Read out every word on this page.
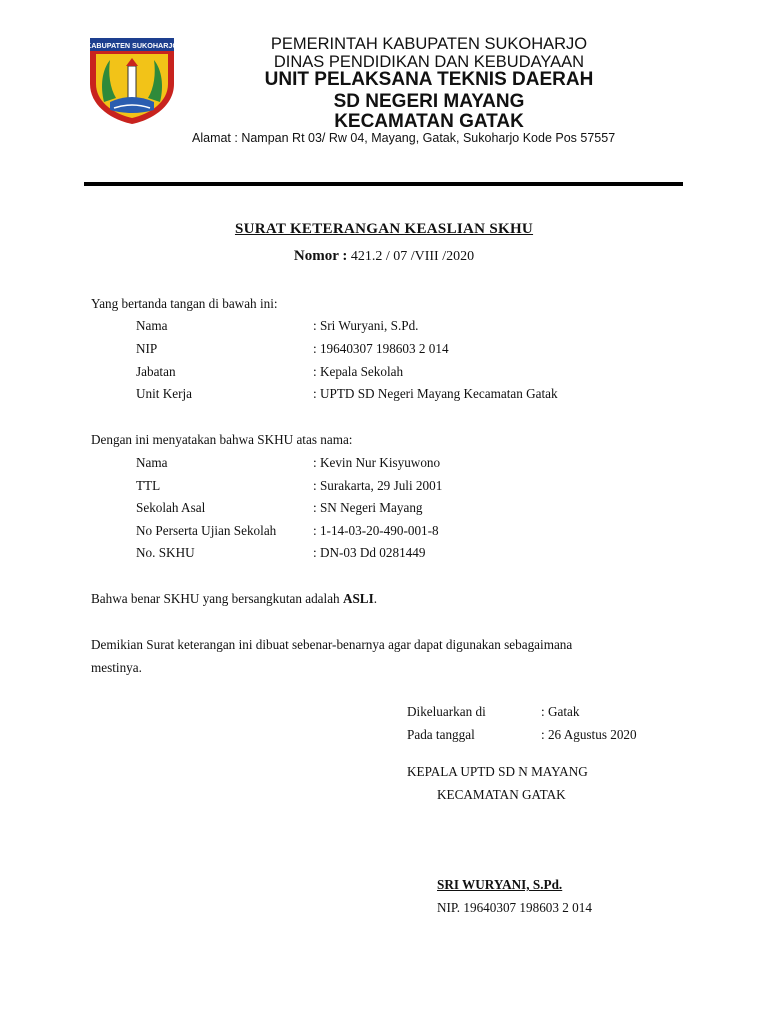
KABUPATEN SUKOHARJO	PEMERINTAH KABUPATEN SUKOHARJO
DINAS PENDIDIKAN DAN KEBUDAYAAN
UNIT PELAKSANA TEKNIS DAERAH
SD NEGERI MAYANG
KECAMATAN GATAK
Alamat : Nampan Rt 03/ Rw 04, Mayang, Gatak, Sukoharjo Kode Pos 57557
SURAT KETERANGAN KEASLIAN SKHU
Nomor : 421.2 / 07 /VIII /2020
Yang bertanda tangan di bawah ini:
Nama	: Sri Wuryani, S.Pd.
NIP	: 19640307 198603 2 014
Jabatan	: Kepala Sekolah
Unit Kerja	: UPTD SD Negeri Mayang Kecamatan Gatak
Dengan ini menyatakan bahwa SKHU atas nama:
Nama	: Kevin Nur Kisyuwono
TTL	: Surakarta, 29 Juli 2001
Sekolah Asal	: SN Negeri Mayang
No Perserta Ujian Sekolah	: 1-14-03-20-490-001-8
No. SKHU	: DN-03 Dd 0281449
Bahwa benar SKHU yang bersangkutan adalah ASLI.
Demikian Surat keterangan ini dibuat sebenar-benarnya agar dapat digunakan sebagaimana
mestinya.
Dikeluarkan di	: Gatak
Pada tanggal	: 26 Agustus 2020
KEPALA UPTD SD N MAYANG
KECAMATAN GATAK
SRI WURYANI, S.Pd.
NIP. 19640307 198603 2 014
